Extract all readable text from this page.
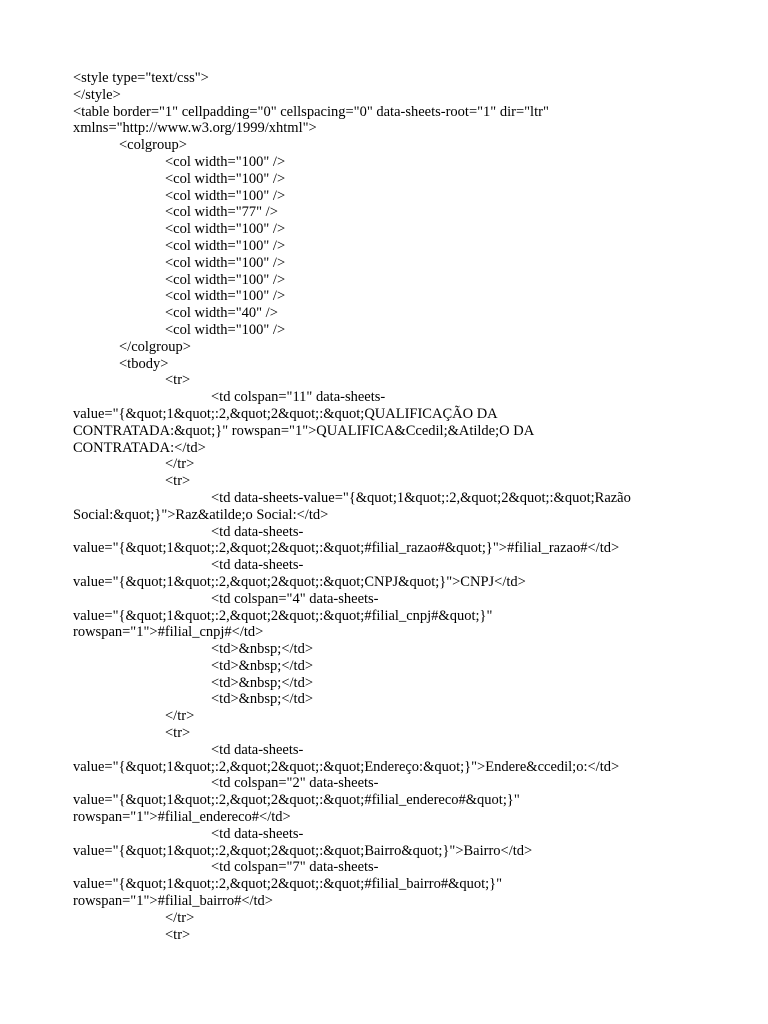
<style type="text/css">
</style>
<table border="1" cellpadding="0" cellspacing="0" data-sheets-root="1" dir="ltr"
xmlns="http://www.w3.org/1999/xhtml">
<colgroup>
<col width="100" />
<col width="100" />
<col width="100" />
<col width="77" />
<col width="100" />
<col width="100" />
<col width="100" />
<col width="100" />
<col width="100" />
<col width="40" />
<col width="100" />
</colgroup>
<tbody>
<tr>
<td colspan="11" data-sheets-
value="{&quot;1&quot;:2,&quot;2&quot;:&quot;QUALIFICAÇÃO DA
CONTRATADA:&quot;}" rowspan="1">QUALIFICA&Ccedil;&Atilde;O DA
CONTRATADA:</td>
</tr>
<tr>
<td data-sheets-value="{&quot;1&quot;:2,&quot;2&quot;:&quot;Razão
Social:&quot;}">Raz&atilde;o Social:</td>
<td data-sheets-
value="{&quot;1&quot;:2,&quot;2&quot;:&quot;#filial_razao#&quot;}">#filial_razao#</td>
<td data-sheets-
value="{&quot;1&quot;:2,&quot;2&quot;:&quot;CNPJ&quot;}">CNPJ</td>
<td colspan="4" data-sheets-
value="{&quot;1&quot;:2,&quot;2&quot;:&quot;#filial_cnpj#&quot;}"
rowspan="1">#filial_cnpj#</td>
<td>&nbsp;</td>
<td>&nbsp;</td>
<td>&nbsp;</td>
<td>&nbsp;</td>
</tr>
<tr>
<td data-sheets-
value="{&quot;1&quot;:2,&quot;2&quot;:&quot;Endereço:&quot;}">Endere&ccedil;o:</td>
<td colspan="2" data-sheets-
value="{&quot;1&quot;:2,&quot;2&quot;:&quot;#filial_endereco#&quot;}"
rowspan="1">#filial_endereco#</td>
<td data-sheets-
value="{&quot;1&quot;:2,&quot;2&quot;:&quot;Bairro&quot;}">Bairro</td>
<td colspan="7" data-sheets-
value="{&quot;1&quot;:2,&quot;2&quot;:&quot;#filial_bairro#&quot;}"
rowspan="1">#filial_bairro#</td>
</tr>
<tr>
